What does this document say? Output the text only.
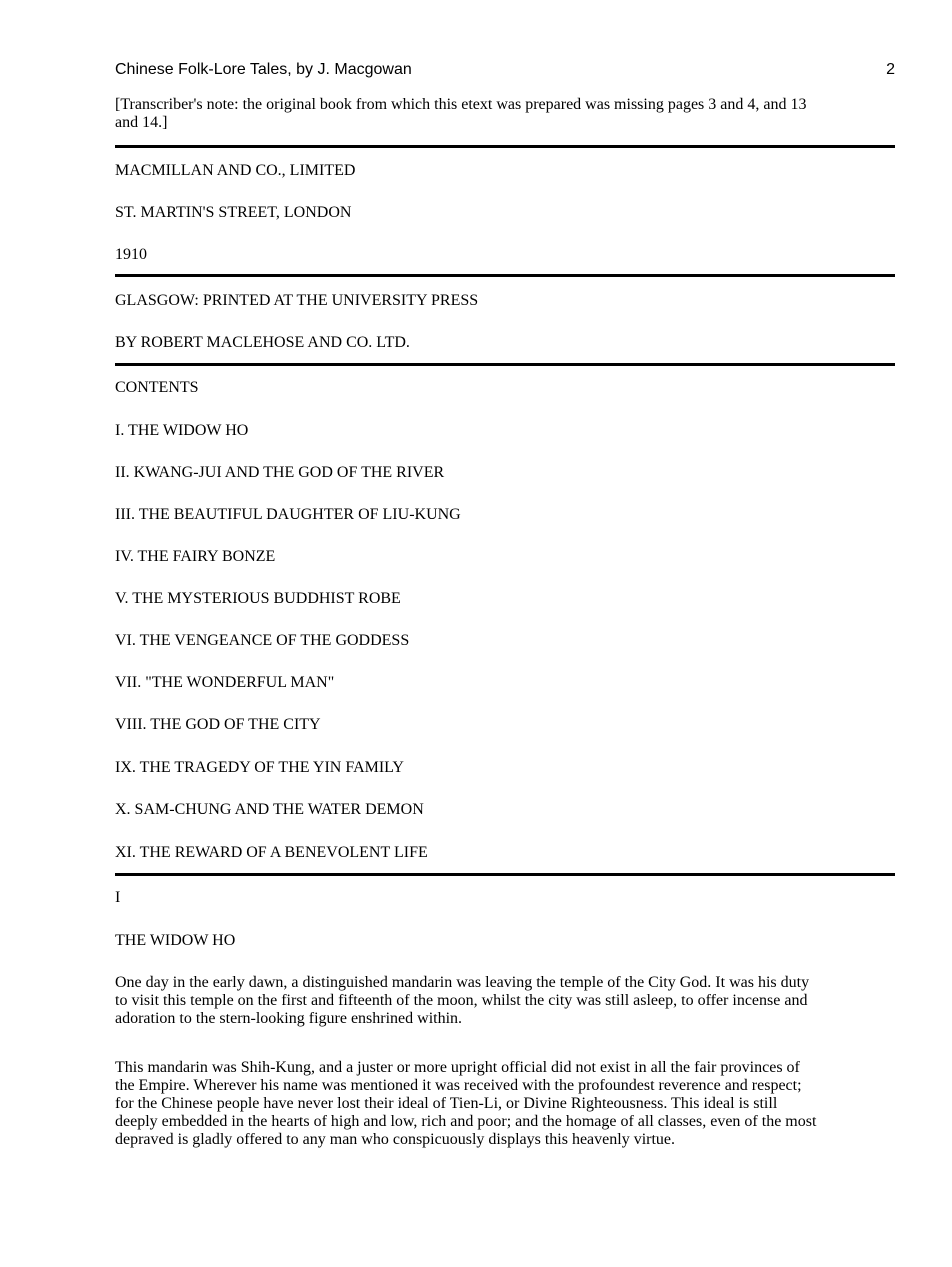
Chinese Folk-Lore Tales, by J. Macgowan	2
[Transcriber's note: the original book from which this etext was prepared was missing pages 3 and 4, and 13
and 14.]
MACMILLAN AND CO., LIMITED
ST. MARTIN'S STREET, LONDON
1910
GLASGOW: PRINTED AT THE UNIVERSITY PRESS
BY ROBERT MACLEHOSE AND CO. LTD.
CONTENTS
I. THE WIDOW HO
II. KWANG-JUI AND THE GOD OF THE RIVER
III. THE BEAUTIFUL DAUGHTER OF LIU-KUNG
IV. THE FAIRY BONZE
V. THE MYSTERIOUS BUDDHIST ROBE
VI. THE VENGEANCE OF THE GODDESS
VII. "THE WONDERFUL MAN"
VIII. THE GOD OF THE CITY
IX. THE TRAGEDY OF THE YIN FAMILY
X. SAM-CHUNG AND THE WATER DEMON
XI. THE REWARD OF A BENEVOLENT LIFE
I
THE WIDOW HO
One day in the early dawn, a distinguished mandarin was leaving the temple of the City God. It was his duty
to visit this temple on the first and fifteenth of the moon, whilst the city was still asleep, to offer incense and
adoration to the stern-looking figure enshrined within.
This mandarin was Shih-Kung, and a juster or more upright official did not exist in all the fair provinces of
the Empire. Wherever his name was mentioned it was received with the profoundest reverence and respect;
for the Chinese people have never lost their ideal of Tien-Li, or Divine Righteousness. This ideal is still
deeply embedded in the hearts of high and low, rich and poor; and the homage of all classes, even of the most
depraved is gladly offered to any man who conspicuously displays this heavenly virtue.
